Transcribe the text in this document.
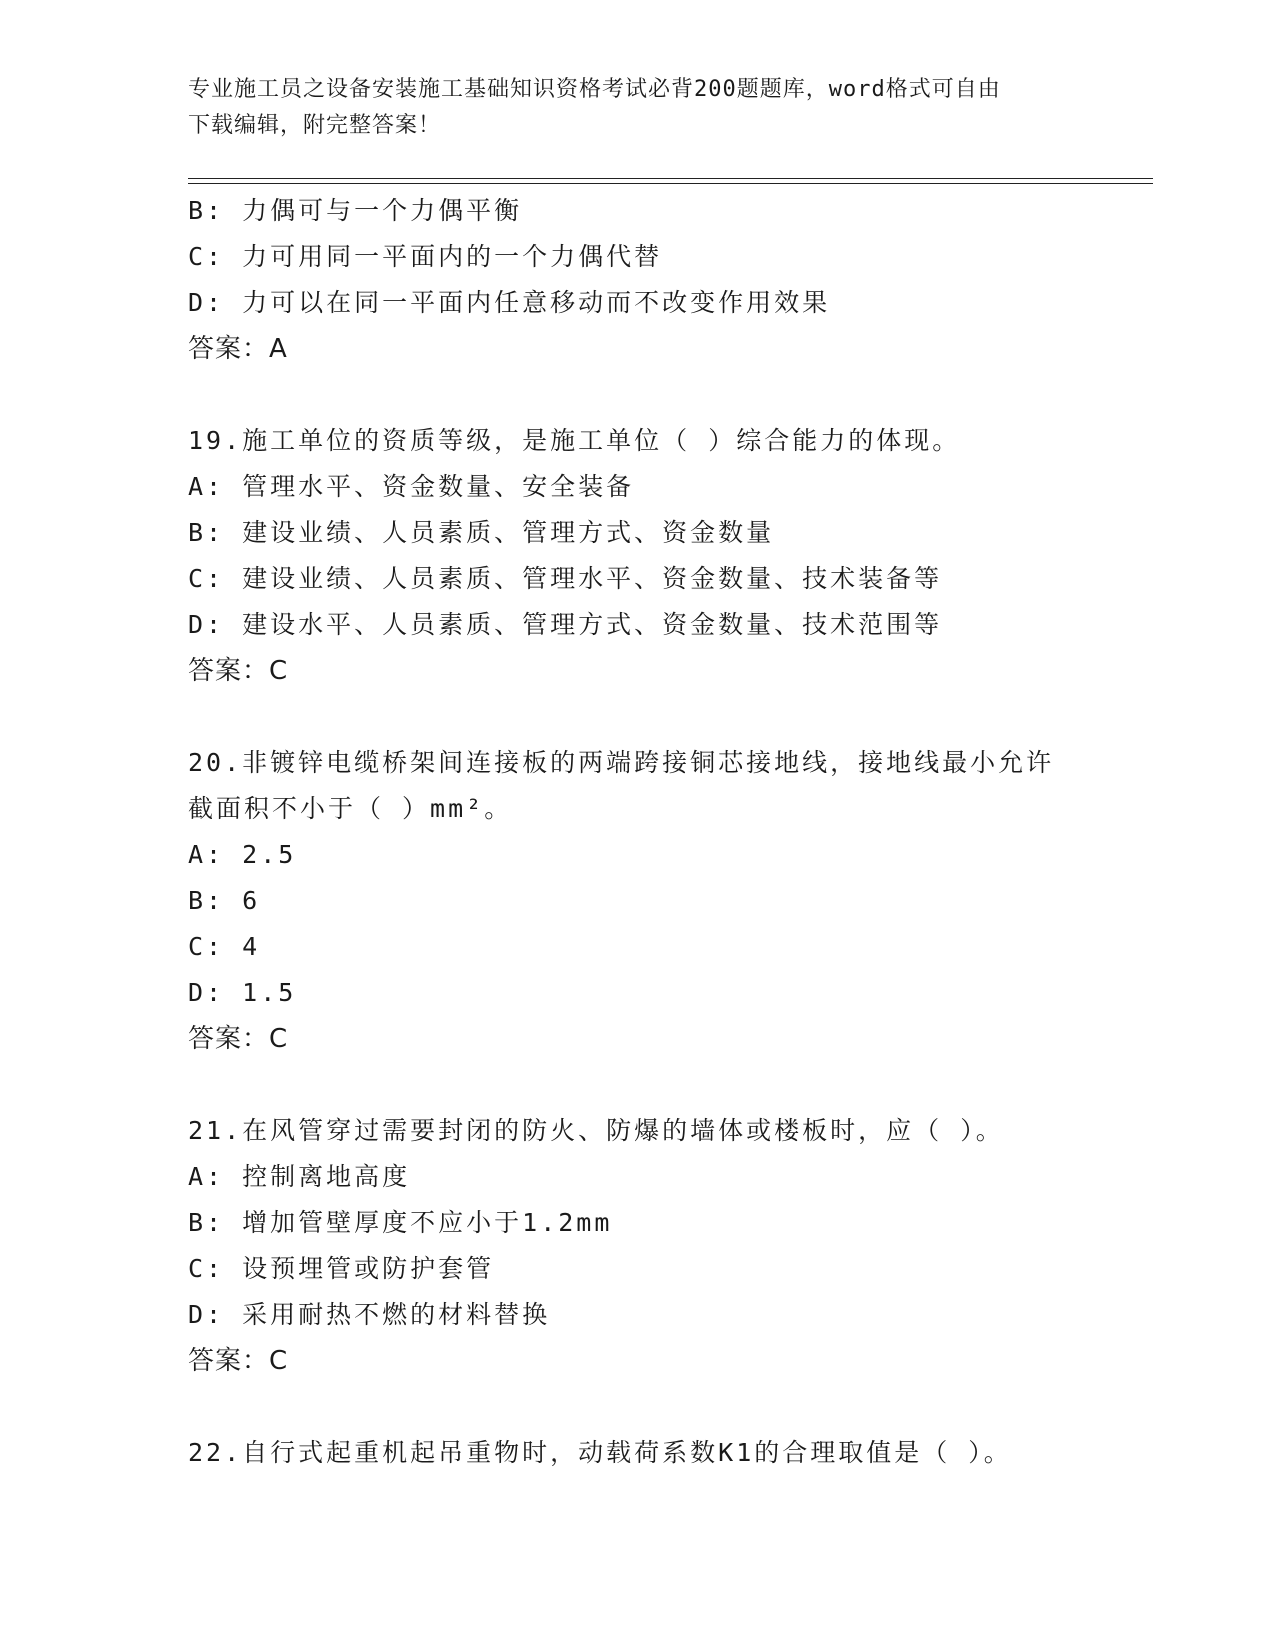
专业施工员之设备安装施工基础知识资格考试必背200题题库，word格式可自由
下载编辑，附完整答案！
B: 力偶可与一个力偶平衡
C: 力可用同一平面内的一个力偶代替
D: 力可以在同一平面内任意移动而不改变作用效果
答案：A
19.施工单位的资质等级，是施工单位（ ）综合能力的体现。
A: 管理水平、资金数量、安全装备
B: 建设业绩、人员素质、管理方式、资金数量
C: 建设业绩、人员素质、管理水平、资金数量、技术装备等
D: 建设水平、人员素质、管理方式、资金数量、技术范围等
答案：C
20.非镀锌电缆桥架间连接板的两端跨接铜芯接地线，接地线最小允许
截面积不小于（ ）mm²。
A: 2.5
B: 6
C: 4
D: 1.5
答案：C
21.在风管穿过需要封闭的防火、防爆的墙体或楼板时，应（ ）。
A: 控制离地高度
B: 增加管壁厚度不应小于1.2mm
C: 设预埋管或防护套管
D: 采用耐热不燃的材料替换
答案：C
22.自行式起重机起吊重物时，动载荷系数K1的合理取值是（ ）。
